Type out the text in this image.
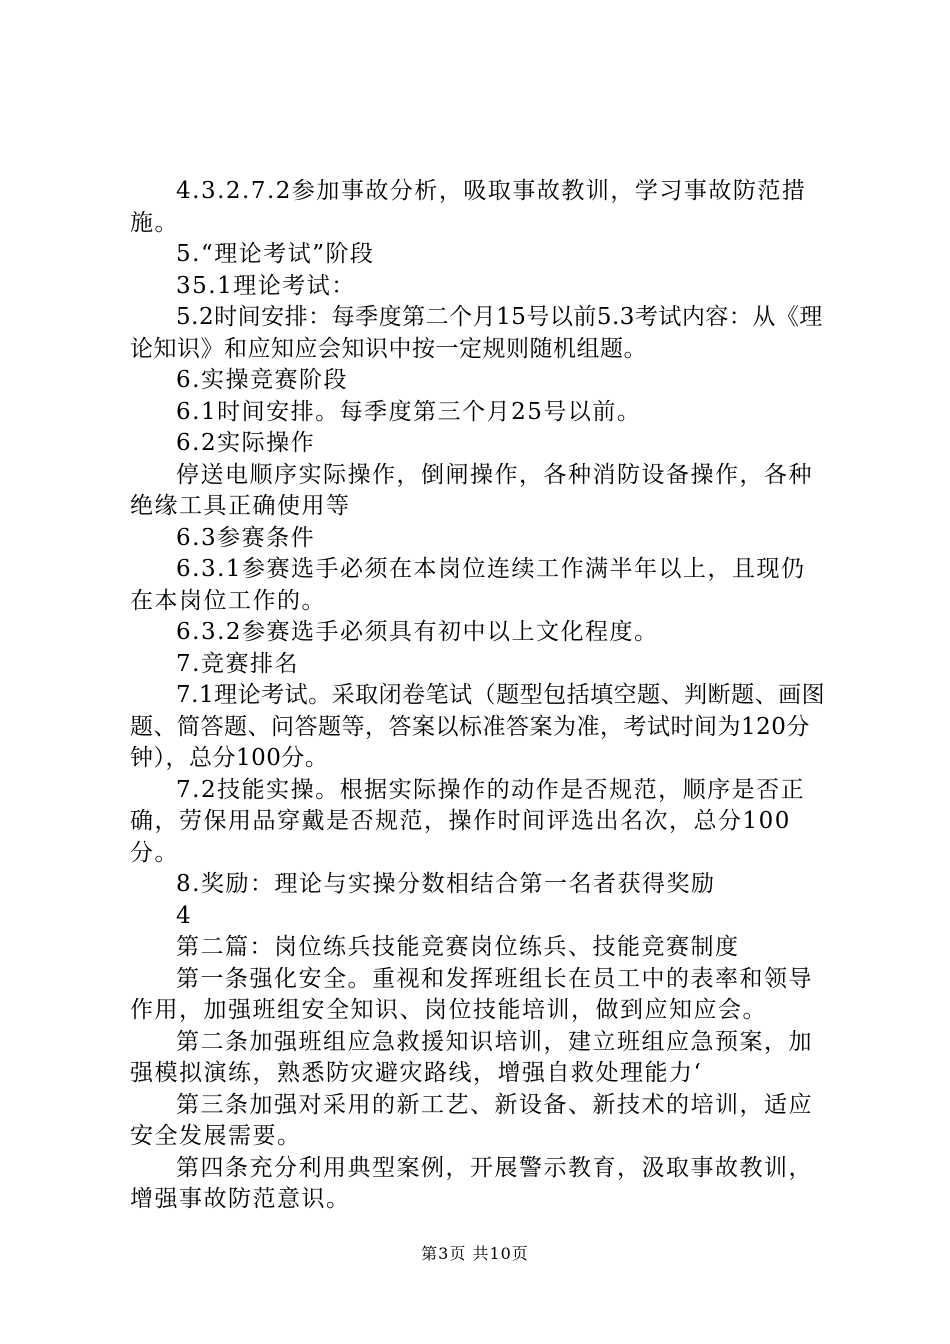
4.3.2.7.2参加事故分析，吸取事故教训，学习事故防范措施。

5.“理论考试”阶段

35.1理论考试：

5.2时间安排：每季度第二个月15号以前5.3考试内容：从《理论知识》和应知应会知识中按一定规则随机组题。

6.实操竞赛阶段

6.1时间安排。每季度第三个月25号以前。

6.2实际操作

停送电顺序实际操作，倒闸操作，各种消防设备操作，各种绝缘工具正确使用等

6.3参赛条件

6.3.1参赛选手必须在本岗位连续工作满半年以上，且现仍在本岗位工作的。

6.3.2参赛选手必须具有初中以上文化程度。

7.竞赛排名

7.1理论考试。采取闭卷笔试（题型包括填空题、判断题、画图题、简答题、问答题等，答案以标准答案为准，考试时间为120分钟），总分100分。

7.2技能实操。根据实际操作的动作是否规范，顺序是否正确，劳保用品穿戴是否规范，操作时间评选出名次，总分100分。

8.奖励：理论与实操分数相结合第一名者获得奖励

4

第二篇：岗位练兵技能竞赛岗位练兵、技能竞赛制度

第一条强化安全。重视和发挥班组长在员工中的表率和领导作用，加强班组安全知识、岗位技能培训，做到应知应会。

第二条加强班组应急救援知识培训，建立班组应急预案，加强模拟演练，熟悉防灾避灾路线，增强自救处理能力‘

第三条加强对采用的新工艺、新设备、新技术的培训，适应安全发展需要。

第四条充分利用典型案例，开展警示教育，汲取事故教训，增强事故防范意识。

第3页 共10页
